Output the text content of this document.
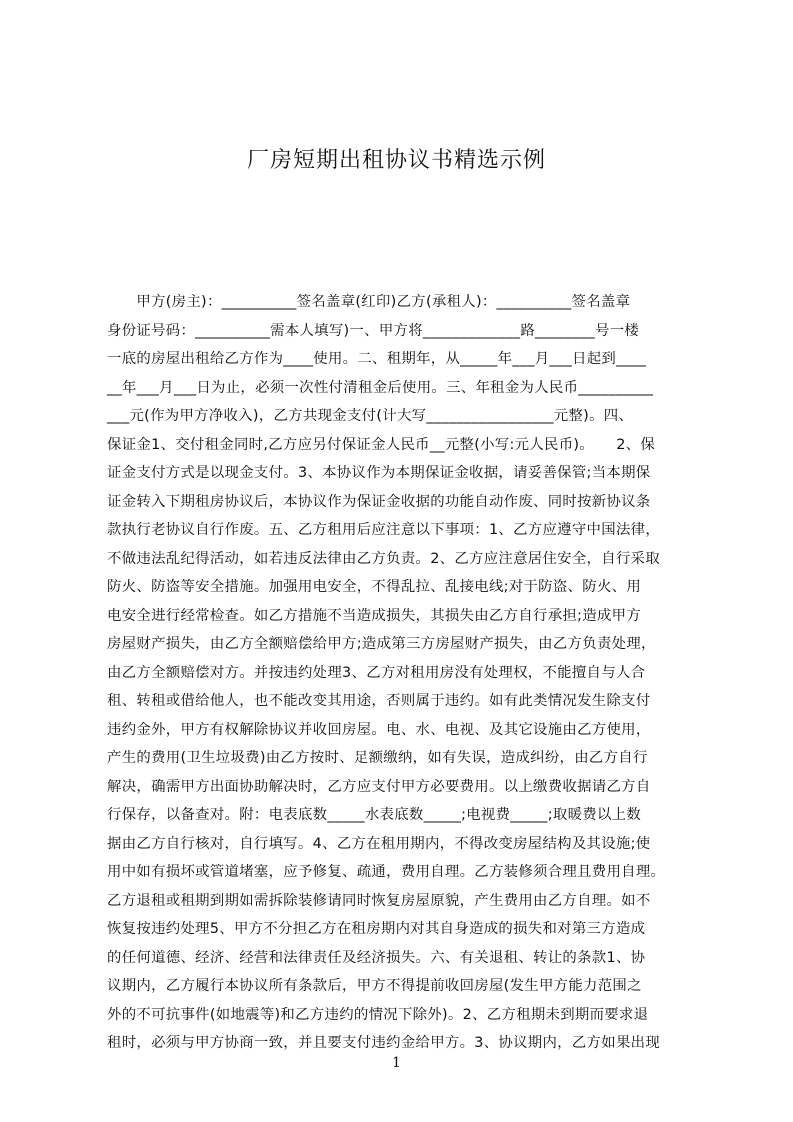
厂房短期出租协议书精选示例
　　甲方(房主)：__________签名盖章(红印)乙方(承租人)：__________签名盖章
身份证号码：__________需本人填写)一、甲方将_____________路________号一楼
一底的房屋出租给乙方作为____使用。二、租期年，从_____年___月___日起到____
__年___月___日为止，必须一次性付清租金后使用。三、年租金为人民币__________
___元(作为甲方净收入)，乙方共现金支付(计大写_________________元整)。四、
保证金1、交付租金同时,乙方应另付保证金人民币__元整(小写:元人民币)。　　2、保
证金支付方式是以现金支付。3、本协议作为本期保证金收据，请妥善保管;当本期保
证金转入下期租房协议后，本协议作为保证金收据的功能自动作废、同时按新协议条
款执行老协议自行作废。五、乙方租用后应注意以下事项：1、乙方应遵守中国法律，
不做违法乱纪得活动，如若违反法律由乙方负责。2、乙方应注意居住安全，自行采取
防火、防盗等安全措施。加强用电安全，不得乱拉、乱接电线;对于防盗、防火、用
电安全进行经常检查。如乙方措施不当造成损失，其损失由乙方自行承担;造成甲方
房屋财产损失，由乙方全额赔偿给甲方;造成第三方房屋财产损失，由乙方负责处理，
由乙方全额赔偿对方。并按违约处理3、乙方对租用房没有处理权，不能擅自与人合
租、转租或借给他人，也不能改变其用途，否则属于违约。如有此类情况发生除支付
违约金外，甲方有权解除协议并收回房屋。电、水、电视、及其它设施由乙方使用，
产生的费用(卫生垃圾费)由乙方按时、足额缴纳，如有失误，造成纠纷，由乙方自行
解决，确需甲方出面协助解决时，乙方应支付甲方必要费用。以上缴费收据请乙方自
行保存，以备查对。附：电表底数_____水表底数_____;电视费_____;取暖费以上数
据由乙方自行核对，自行填写。4、乙方在租用期内，不得改变房屋结构及其设施;使
用中如有损坏或管道堵塞，应予修复、疏通，费用自理。乙方装修须合理且费用自理。
乙方退租或租期到期如需拆除装修请同时恢复房屋原貌，产生费用由乙方自理。如不
恢复按违约处理5、甲方不分担乙方在租房期内对其自身造成的损失和对第三方造成
的任何道德、经济、经营和法律责任及经济损失。六、有关退租、转让的条款1、协
议期内，乙方履行本协议所有条款后，甲方不得提前收回房屋(发生甲方能力范围之
外的不可抗事件(如地震等)和乙方违约的情况下除外)。2、乙方租期未到期而要求退
租时，必须与甲方协商一致，并且要支付违约金给甲方。3、协议期内，乙方如果出现
1
